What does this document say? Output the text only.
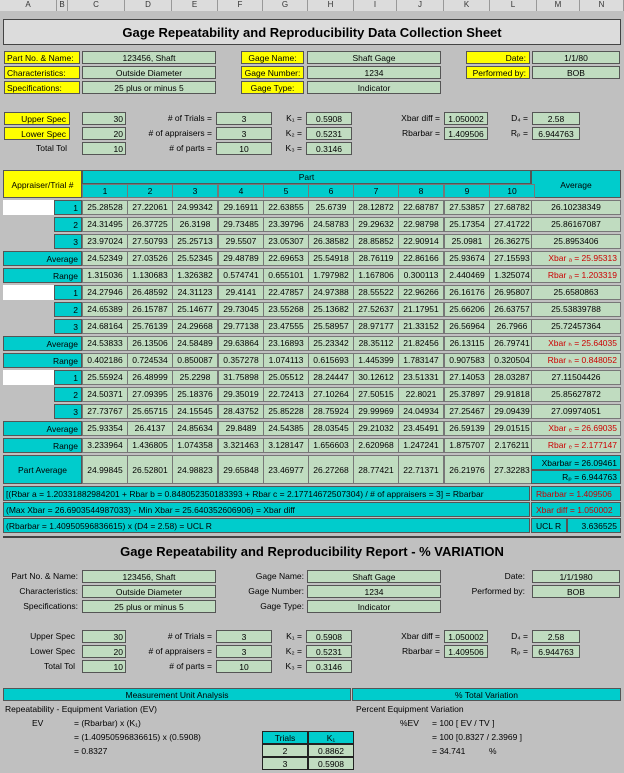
A	B	C	D	E	F	G	H	I	J	K	L	M	N
Gage Repeatability and Reproducibility Data Collection Sheet
Part No. & Name:	123456, Shaft
Characteristics:	Outside Diameter
Specifications:	25 plus or minus 5
Gage Name:	Shaft Gage
Gage Number:	1234
Gage Type:	Indicator
Date:	1/1/80
Performed by:	BOB
Upper Spec	30
Lower Spec	20
Total Tol	10
# of Trials =	3
# of appraisers =	3
# of parts =	10
K₁ =	0.5908
K₂ =	0.5231
K₃ =	0.3146
Xbar diff = 1.050002
Rbarbar = 1.409506
D₄ =	2.58
Rₚ =	6.944763
Appraiser/Trial #
Part
Average
1	2	3	4	5	6	7	8	9	10
1	25.28528	27.22061	24.99342	29.16911	22.63855	25.6739	28.12872	22.68787	27.53857	27.68782	26.10238349
2	24.31495	26.37725	26.3198	29.73485	23.39796	24.58783	29.29632	22.98798	25.17354	27.41722	25.86167087
3	23.97024	27.50793	25.25713	29.5507	23.05307	26.38582	28.85852	22.90914	25.0981	26.36275	25.8953406
Average	24.52349	27.03526	25.52345	29.48789	22.69653	25.54918	28.76119	22.86166	25.93674	27.15593	Xbar ₐ = 25.95313
Range	1.315036	1.130683	1.326382	0.574741	0.655101	1.797982	1.167806	0.300113	2.440469	1.325074	Rbar ₐ = 1.203319
1	24.27946	26.48592	24.31123	29.4141	22.47857	24.97388	28.55522	22.96266	26.16176	26.95807	25.6580863
2	24.65389	26.15787	25.14677	29.73045	23.55268	25.13682	27.52637	21.17951	25.66206	26.63757	25.53839788
3	24.68164	25.76139	24.29668	29.77138	23.47555	25.58957	28.97177	21.33152	26.56964	26.7966	25.72457364
Average	24.53833	26.13506	24.58489	29.63864	23.16893	25.23342	28.35112	21.82456	26.13115	26.79741	Xbar ₕ = 25.64035
Range	0.402186	0.724534	0.850087	0.357278	1.074113	0.615693	1.445399	1.783147	0.907583	0.320504	Rbar ₕ = 0.848052
1	25.55924	26.48999	25.2298	31.75898	25.05512	28.24447	30.12612	23.51331	27.14053	28.03287	27.11504426
2	24.50371	27.09395	25.18376	29.35019	22.72413	27.10264	27.50515	22.8021	25.37897	29.91818	25.85627872
3	27.73767	25.65715	24.15545	28.43752	25.85228	28.75924	29.99969	24.04934	27.25467	29.09439	27.09974051
Average	25.93354	26.4137	24.85634	29.8489	24.54385	28.03545	29.21032	23.45491	26.59139	29.01515	Xbar ₑ = 26.69035
Range	3.233964	1.436805	1.074358	3.321463	3.128147	1.656603	2.620968	1.247241	1.875707	2.176211	Rbar ₑ = 2.177147
Part Average	24.99845	26.52801	24.98823	29.65848	23.46977	26.27268	28.77421	22.71371	26.21976	27.32283
Xbarbar = 26.09461
Rₚ = 6.944763
[(Rbar a = 1.20331882984201 + Rbar b = 0.848052350183393 + Rbar c = 2.17714672507304) / # of appraisers = 3] = Rbarbar	Rbarbar = 1.409506
(Max Xbar = 26.6903544987033) - Min Xbar = 25.640352606906) = Xbar diff	Xbar diff = 1.050002
(Rbarbar = 1.40950596836615) x (D4 = 2.58) = UCL R	UCL R	3.636525
Gage Repeatability and Reproducibility Report - % VARIATION
Part No. & Name:	123456, Shaft
Characteristics:	Outside Diameter
Specifications:	25 plus or minus 5
Gage Name:	Shaft Gage
Gage Number:	1234
Gage Type:	Indicator
Date:	1/1/1980
Performed by:	BOB
Upper Spec	30
Lower Spec	20
Total Tol	10
# of Trials =	3
# of appraisers =	3
# of parts =	10
K₁ =	0.5908
K₂ =	0.5231
K₃ =	0.3146
Xbar diff = 1.050002
Rbarbar = 1.409506
D₄ =	2.58
Rₚ =	6.944763
Measurement Unit Analysis	% Total Variation
Repeatability - Equipment Variation (EV)
EV	= (Rbarbar) x (K₁)
= (1.40950596836615) x (0.5908)
= 0.8327
Percent Equipment Variation
%EV	= 100 [ EV / TV ]
= 100 [0.8327 / 2.3969 ]
= 34.741	%
Trials	K₁
2	0.8862
3	0.5908
